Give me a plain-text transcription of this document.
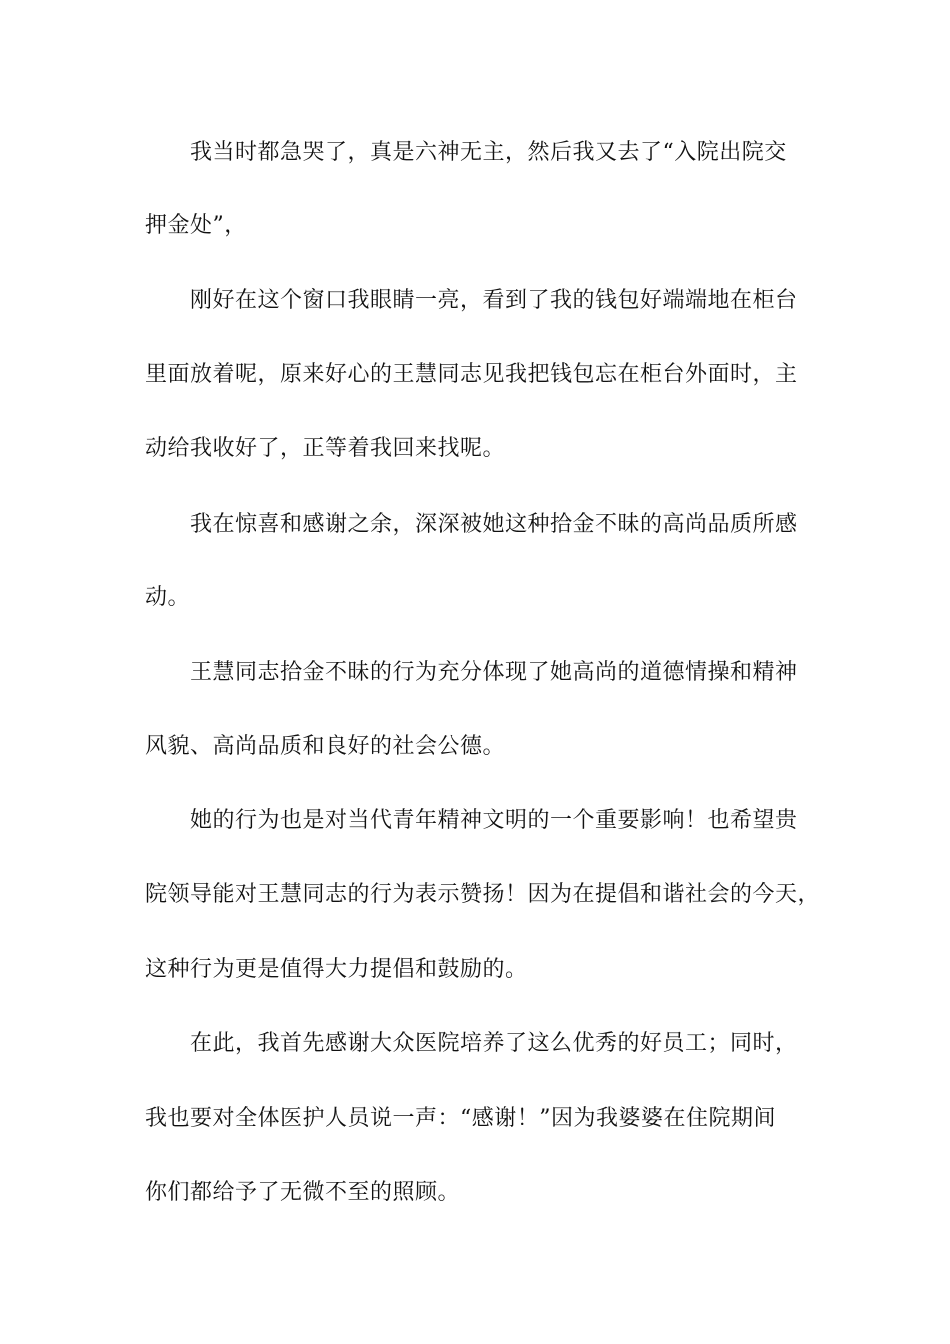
我当时都急哭了，真是六神无主，然后我又去了“入院出院交
押金处”，
刚好在这个窗口我眼睛一亮，看到了我的钱包好端端地在柜台
里面放着呢，原来好心的王慧同志见我把钱包忘在柜台外面时，主
动给我收好了，正等着我回来找呢。
我在惊喜和感谢之余，深深被她这种拾金不昧的高尚品质所感
动。
王慧同志拾金不昧的行为充分体现了她高尚的道德情操和精神
风貌、高尚品质和良好的社会公德。
她的行为也是对当代青年精神文明的一个重要影响！也希望贵
院领导能对王慧同志的行为表示赞扬！因为在提倡和谐社会的今天，
这种行为更是值得大力提倡和鼓励的。
在此，我首先感谢大众医院培养了这么优秀的好员工；同时，
我也要对全体医护人员说一声：“感谢！”因为我婆婆在住院期间
你们都给予了无微不至的照顾。
